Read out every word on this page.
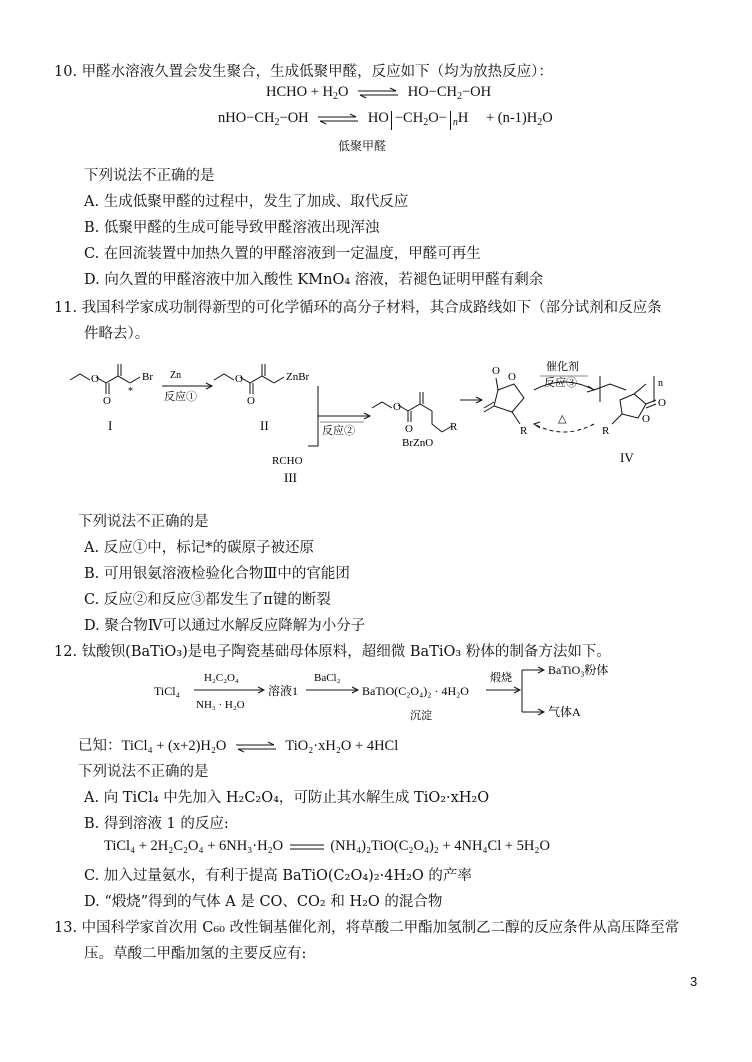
10. 甲醛水溶液久置会发生聚合，生成低聚甲醛，反应如下（均为放热反应）：
HCHO + $H_2O$ ⇌ $HO-CH_2-OH$
$nHO-CH_2-OH$ ⇌ HO $-CH_2O- _nH + (n-1)H_2O$
低聚甲醛
下列说法不正确的是
A. 生成低聚甲醛的过程中，发生了加成、取代反应
B. 低聚甲醛的生成可能导致甲醛溶液出现浑浊
C. 在回流装置中加热久置的甲醛溶液到一定温度，甲醛可再生
D. 向久置的甲醛溶液中加入酸性 KMnO₄ 溶液，若褪色证明甲醛有剩余
11. 我国科学家成功制得新型的可化学循环的高分子材料，其合成路线如下（部分试剂和反应条
件略去）。
O
O
Br
*
I
Zn
反应①
O
O
ZnBr
II	反应②
RCHO
III
O
O
BrZnO
R
O
O
R
催化剂
反应③
△
n
O
O
R
IV
下列说法不正确的是
A. 反应①中，标记*的碳原子被还原
B. 可用银氨溶液检验化合物Ⅲ中的官能团
C. 反应②和反应③都发生了π键的断裂
D. 聚合物Ⅳ可以通过水解反应降解为小分子
12. 钛酸钡(BaTiO₃)是电子陶瓷基础母体原料，超细微 BaTiO₃ 粉体的制备方法如下。
TiCl₄
H₂C₂O₄
NH₃ · H₂O
溶液1
BaCl₂
BaTiO(C₂O₄)₂ · 4H₂O
沉淀
煅烧
BaTiO₃粉体
气体A
已知：TiCl₄ + (x+2)H₂O ⇌ TiO₂·xH₂O + 4HCl
下列说法不正确的是
A. 向 TiCl₄ 中先加入 H₂C₂O₄，可防止其水解生成 TiO₂·xH₂O
B. 得到溶液 1 的反应:
TiCl₄ + 2H₂C₂O₄ + 6NH₃·H₂O	(NH₄)₂TiO(C₂O₄)₂ + 4NH₄Cl + 5H₂O
C. 加入过量氨水，有利于提高 BaTiO(C₂O₄)₂·4H₂O 的产率
D. “煅烧”得到的气体 A 是 CO、CO₂ 和 H₂O 的混合物
13. 中国科学家首次用 C₆₀ 改性铜基催化剂，将草酸二甲酯加氢制乙二醇的反应条件从高压降至常
压。草酸二甲酯加氢的主要反应有:
3
